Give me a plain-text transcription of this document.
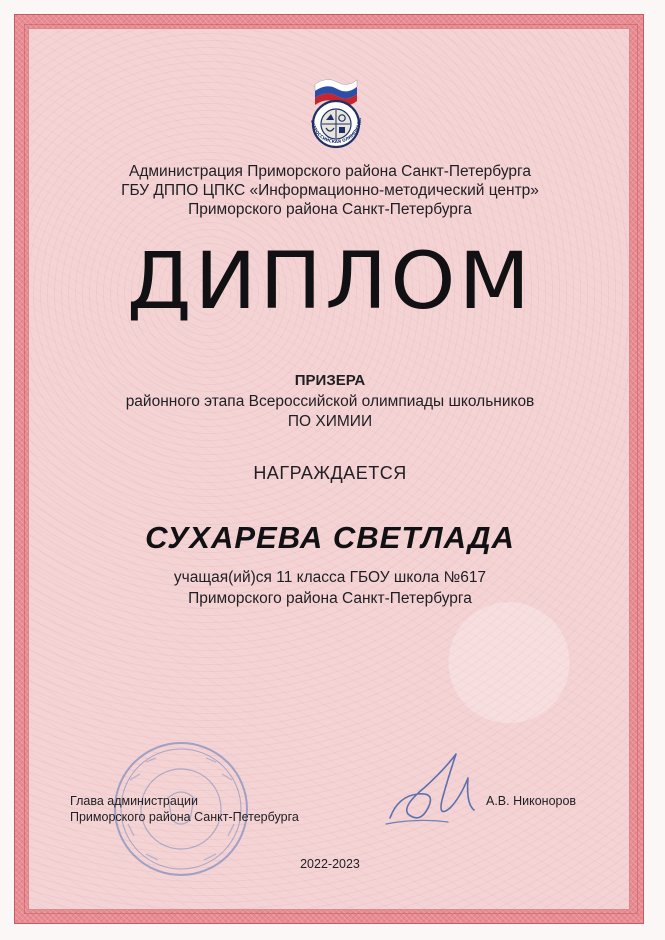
ВСЕРОССИЙСКАЯ ОЛИМПИАДА
Администрация Приморского района Санкт-Петербурга
ГБУ ДППО ЦПКС «Информационно-методический центр»
Приморского района Санкт-Петербурга
ДИПЛОМ
ПРИЗЕРА
районного этапа Всероссийской олимпиады школьников
ПО ХИМИИ
НАГРАЖДАЕТСЯ
СУХАРЕВА СВЕТЛАДА
учащая(ий)ся 11 класса ГБОУ школа №617
Приморского района Санкт-Петербурга
Глава администрации
Приморского района Санкт-Петербурга
А.В. Никоноров
2022-2023
